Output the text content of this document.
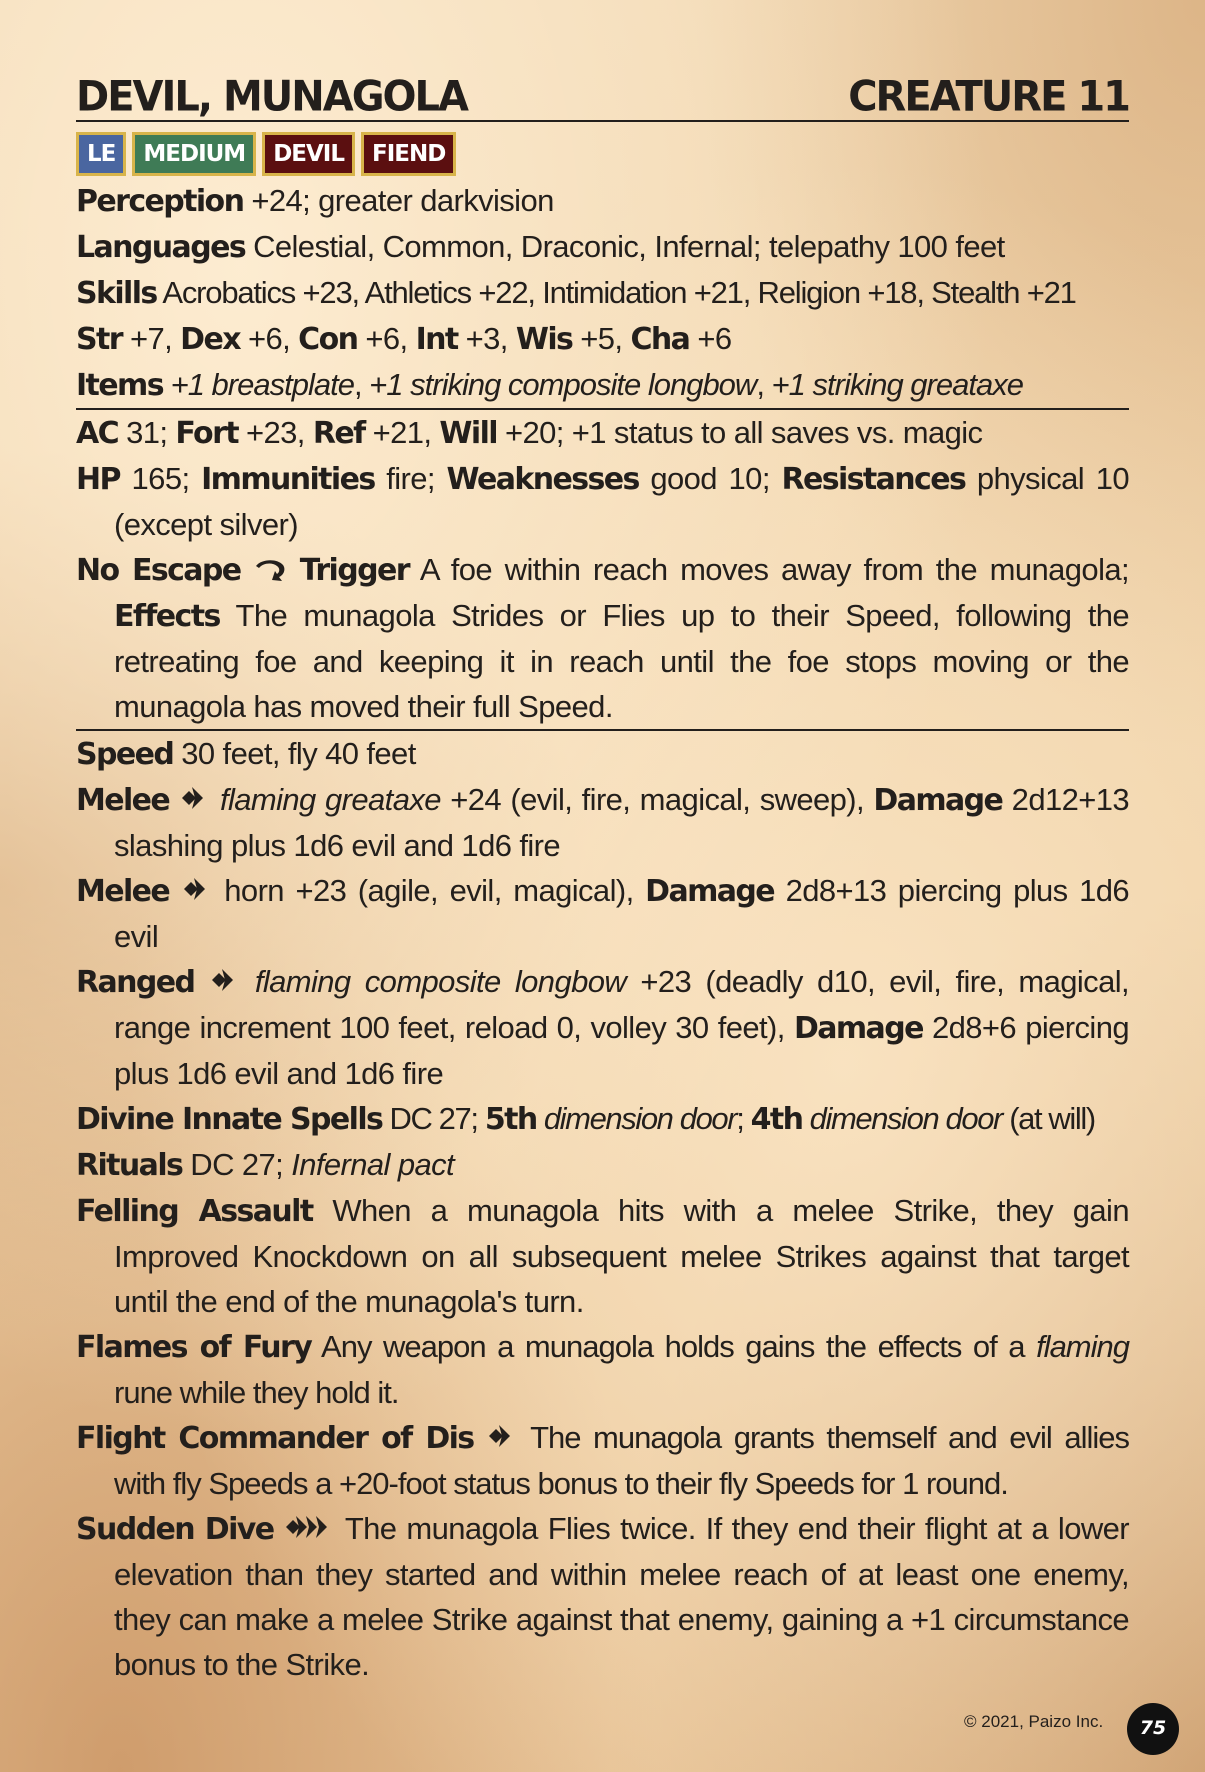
DEVIL, MUNAGOLA	CREATURE 11
LE	MEDIUM	DEVIL	FIEND
Perception +24; greater darkvision
Languages Celestial, Common, Draconic, Infernal; telepathy 100 feet
Skills Acrobatics +23, Athletics +22, Intimidation +21, Religion +18, Stealth +21
Str +7, Dex +6, Con +6, Int +3, Wis +5, Cha +6
Items +1 breastplate, +1 striking composite longbow, +1 striking greataxe
AC 31; Fort +23, Ref +21, Will +20; +1 status to all saves vs. magic
HP 165; Immunities fire; Weaknesses good 10; Resistances physical 10 (except silver)
No Escape Trigger A foe within reach moves away from the munagola; Effects The munagola Strides or Flies up to their Speed, following the retreating foe and keeping it in reach until the foe stops moving or the munagola has moved their full Speed.
Speed 30 feet, fly 40 feet
Melee flaming greataxe +24 (evil, fire, magical, sweep), Damage 2d12+13 slashing plus 1d6 evil and 1d6 fire
Melee horn +23 (agile, evil, magical), Damage 2d8+13 piercing plus 1d6 evil
Ranged flaming composite longbow +23 (deadly d10, evil, fire, magical, range increment 100 feet, reload 0, volley 30 feet), Damage 2d8+6 piercing plus 1d6 evil and 1d6 fire
Divine Innate Spells DC 27; 5th dimension door; 4th dimension door (at will)
Rituals DC 27; Infernal pact
Felling Assault When a munagola hits with a melee Strike, they gain Improved Knockdown on all subsequent melee Strikes against that target until the end of the munagola's turn.
Flames of Fury Any weapon a munagola holds gains the effects of a flaming rune while they hold it.
Flight Commander of Dis The munagola grants themself and evil allies with fly Speeds a +20-foot status bonus to their fly Speeds for 1 round.
Sudden Dive The munagola Flies twice. If they end their flight at a lower elevation than they started and within melee reach of at least one enemy, they can make a melee Strike against that enemy, gaining a +1 circumstance bonus to the Strike.
© 2021, Paizo Inc.	75
